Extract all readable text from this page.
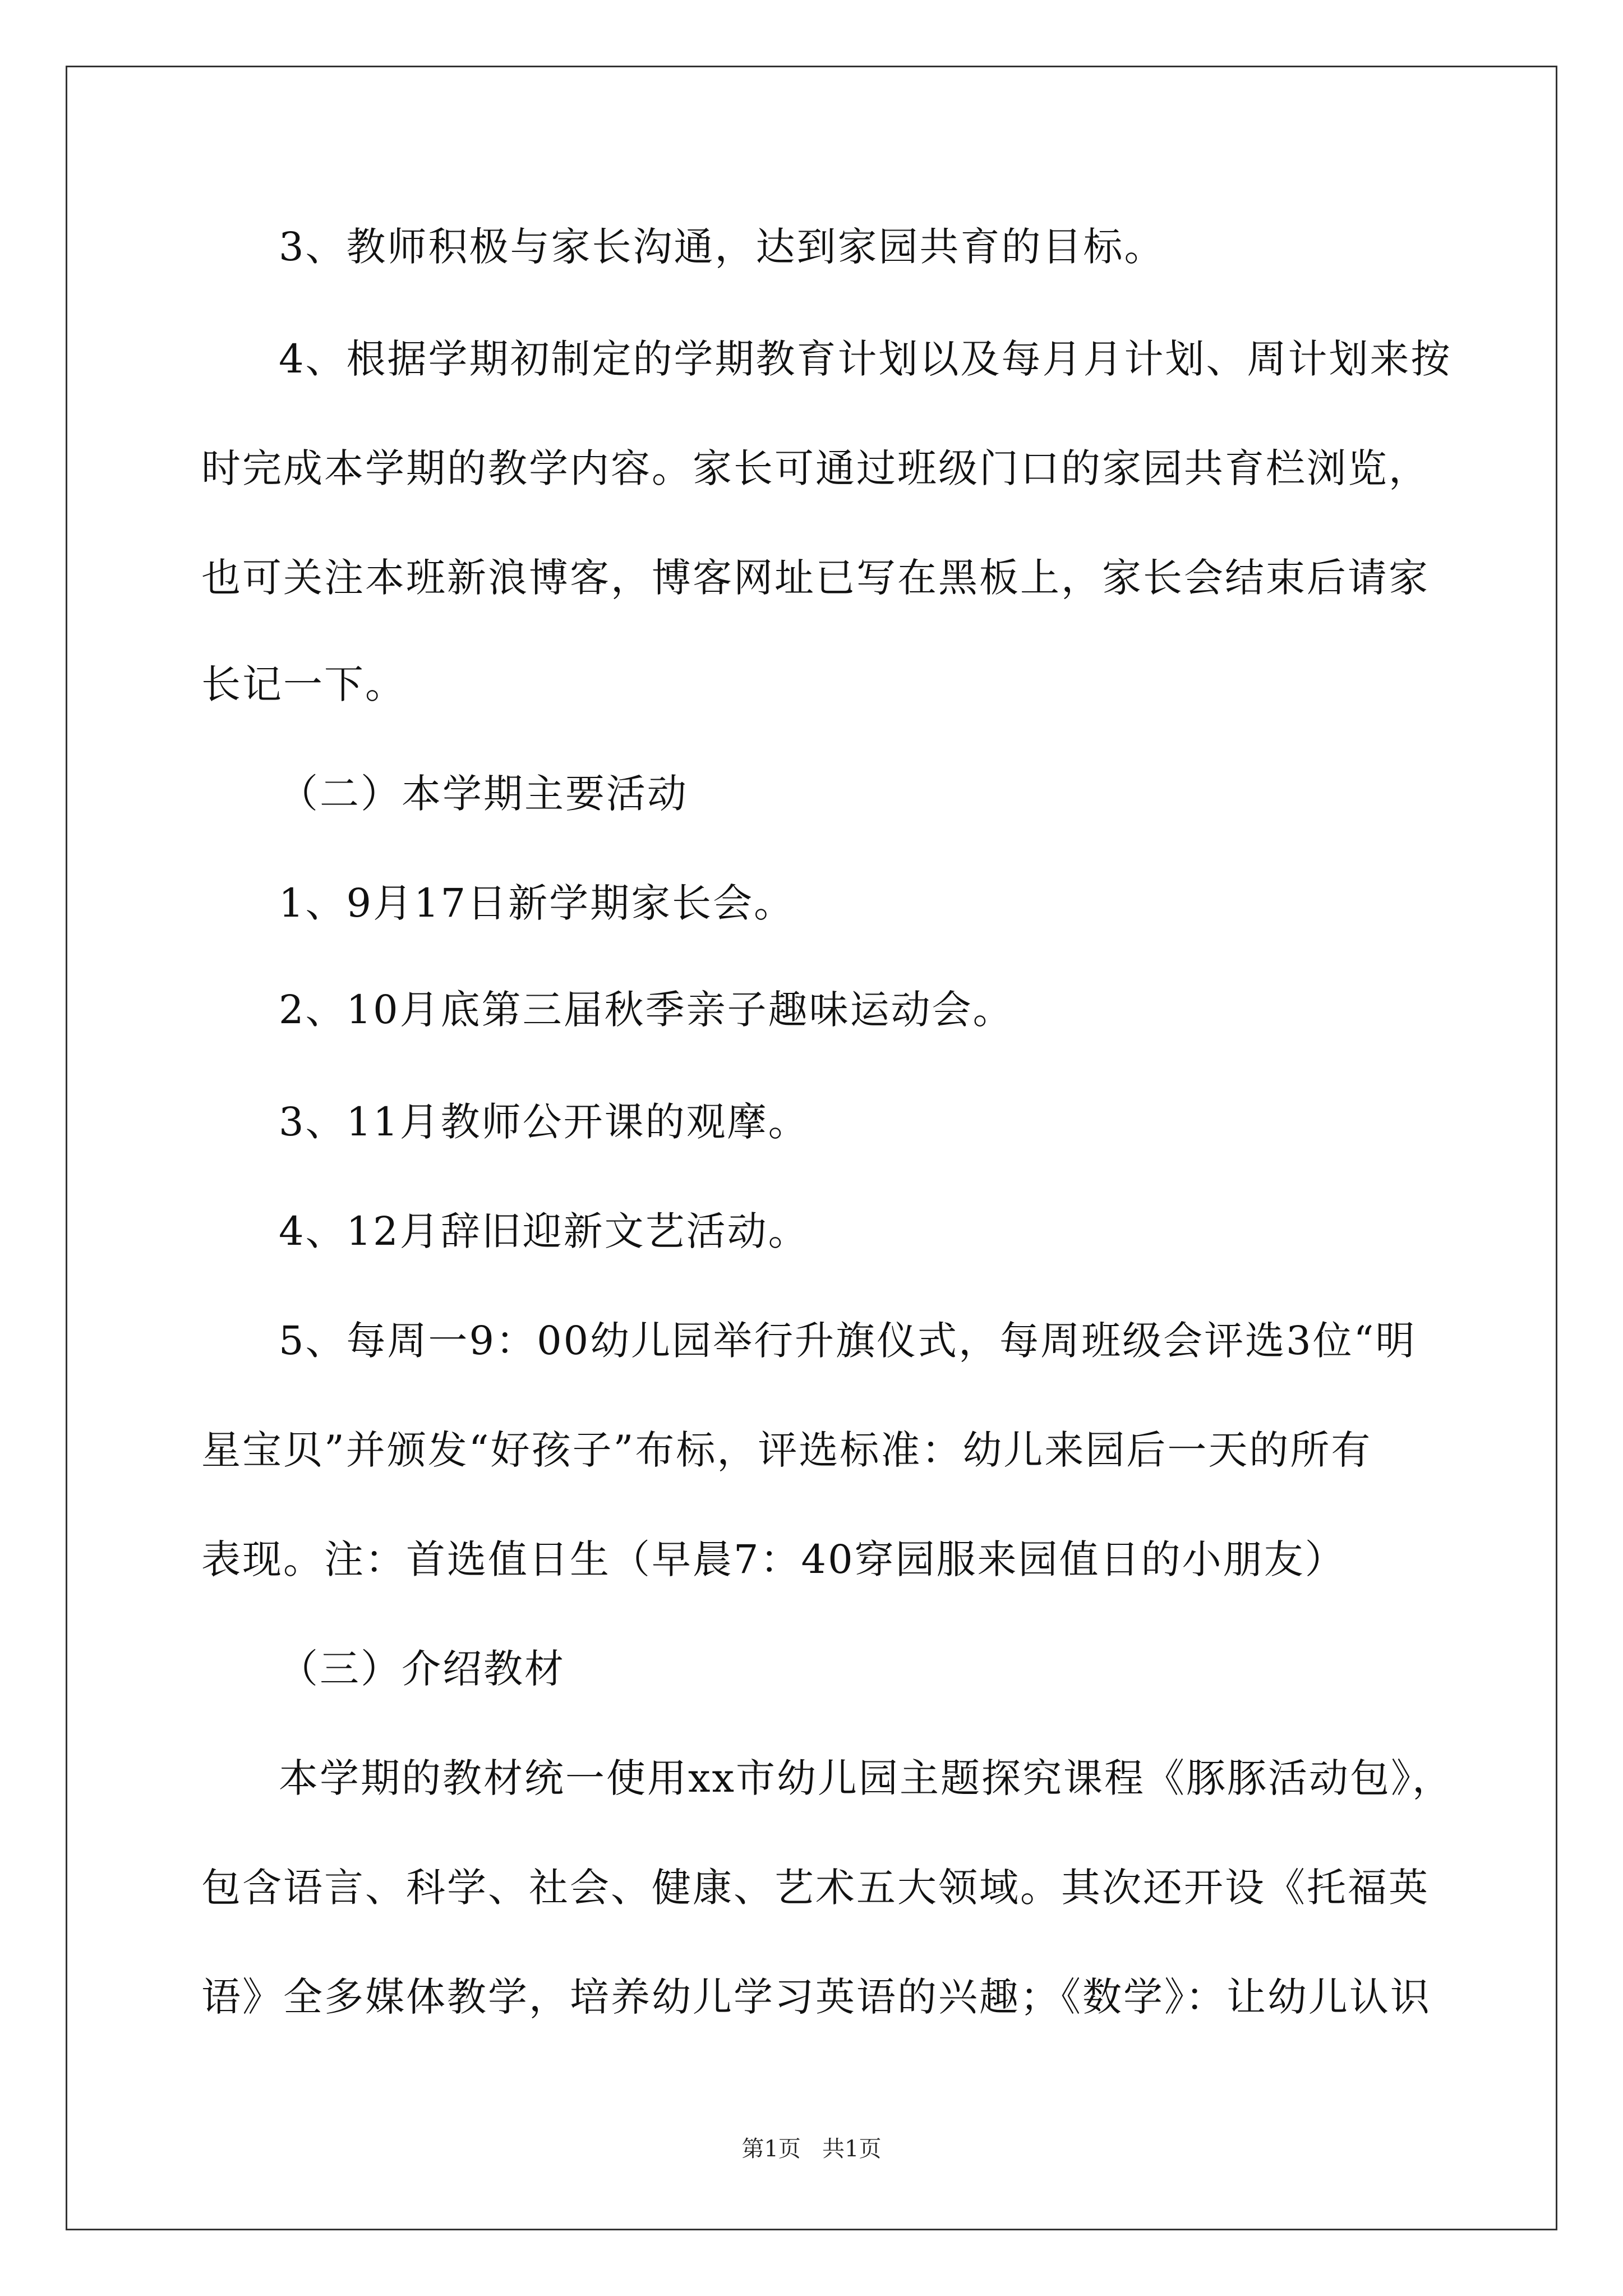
3、教师积极与家长沟通，达到家园共育的目标。
4、根据学期初制定的学期教育计划以及每月月计划、周计划来按
时完成本学期的教学内容。家长可通过班级门口的家园共育栏浏览，
也可关注本班新浪博客，博客网址已写在黑板上，家长会结束后请家
长记一下。
（二）本学期主要活动
1、9月17日新学期家长会。
2、10月底第三届秋季亲子趣味运动会。
3、11月教师公开课的观摩。
4、12月辞旧迎新文艺活动。
5、每周一9：00幼儿园举行升旗仪式，每周班级会评选3位“明
星宝贝”并颁发“好孩子”布标，评选标准：幼儿来园后一天的所有
表现。注：首选值日生（早晨7：40穿园服来园值日的小朋友）
（三）介绍教材
本学期的教材统一使用xx市幼儿园主题探究课程《豚豚活动包》，
包含语言、科学、社会、健康、艺术五大领域。其次还开设《托福英
语》全多媒体教学，培养幼儿学习英语的兴趣；《数学》：让幼儿认识
第1页   共1页
